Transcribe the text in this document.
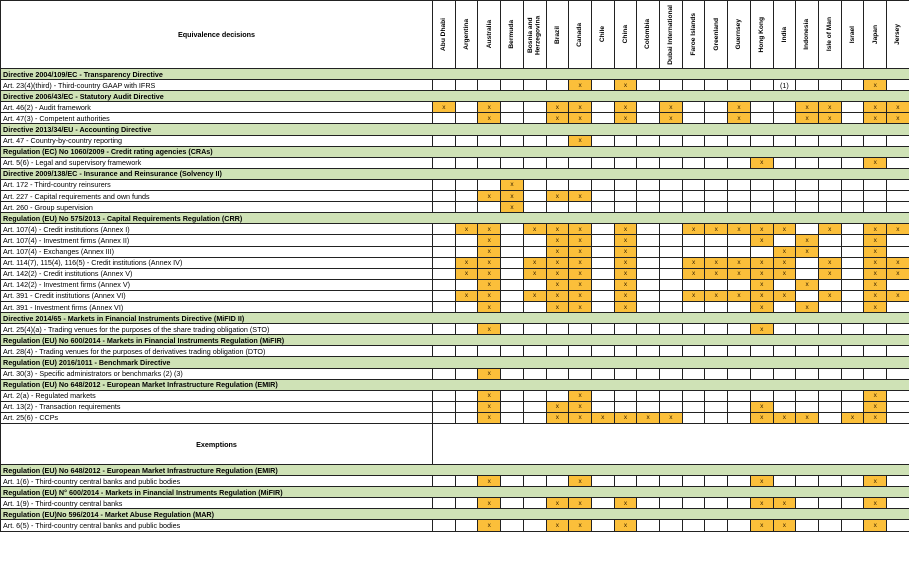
Equivalence decisions	Abu Dhabi	Argentina	Australia	Bermuda	Bosnia and Herzegovina	Brazil	Canada	Chile	China	Colombia	Dubai International	Faroe Islands	Greenland	Guernsey	Hong Kong	India	Indonesia	Isle of Man	Israel	Japan	Jersey

Directive 2004/109/EC - Transparency Directive																					
Art. 23(4)(third) - Third-country GAAP with IFRS							x		x							(1)				x	
Directive 2006/43/EC - Statutory Audit Directive																					
Art. 46(2) - Audit framework	x		x			x	x		x		x			x			x	x		x	x
Art. 47(3) - Competent authorities			x			x	x		x		x			x			x	x		x	x
Directive 2013/34/EU - Accounting Directive																					
Art. 47 - Country-by-country reporting							x														
Regulation (EC) No 1060/2009 - Credit rating agencies (CRAs)																					
Art. 5(6) - Legal and supervisory framework															x					x	
Directive 2009/138/EC - Insurance and Reinsurance (Solvency II)																					
Art. 172 - Third-country reinsurers				x																	
Art. 227 - Capital requirements and own funds			x	x		x	x														
Art. 260 - Group supervision				x																	
Regulation (EU) No 575/2013 - Capital Requirements Regulation (CRR)																					
Art. 107(4) - Credit institutions (Annex I)		x	x		x	x	x		x			x	x	x	x	x		x		x	x
Art. 107(4) - Investment firms (Annex II)			x			x	x		x						x		x			x	
Art. 107(4) - Exchanges (Annex III)			x			x	x		x							x	x			x	
Art. 114(7), 115(4), 116(5) - Credit institutions (Annex IV)		x	x		x	x	x		x			x	x	x	x	x		x		x	x
Art. 142(2) - Credit institutions (Annex V)		x	x		x	x	x		x			x	x	x	x	x		x		x	x
Art. 142(2) - Investment firms (Annex V)			x			x	x		x						x		x			x	
Art. 391 - Credit institutions (Annex VI)		x	x		x	x	x		x			x	x	x	x	x		x		x	x
Art. 391 - Investment firms (Annex VI)			x			x	x		x						x		x			x	
Directive 2014/65 - Markets in Financial Instruments Directive (MiFID II)																					
Art. 25(4)(a) - Trading venues for the purposes of the share trading obligation (STO)			x												x						
Regulation (EU) No 600/2014 - Markets in Financial Instruments Regulation (MiFIR)																					
Art. 28(4) - Trading venues for the purposes of derivatives trading obligation (DTO)																					
Regulation (EU) 2016/1011 - Benchmark Directive																					
Art. 30(3) - Specific administrators or benchmarks (2) (3)			x																		
Regulation (EU) No 648/2012 - European Market Infrastructure Regulation (EMIR)																					
Art. 2(a) - Regulated markets			x				x													x	
Art. 13(2) - Transaction requirements			x			x	x								x					x	
Art. 25(6) - CCPs			x			x	x	x	x	x	x				x	x	x		x	x	
Exemptions																					
Regulation (EU) No 648/2012 - European Market Infrastructure Regulation (EMIR)																					
Art. 1(6) - Third-country central banks and public bodies			x				x								x					x	
Regulation (EU) N° 600/2014 - Markets in Financial Instruments Regulation (MiFIR)																					
Art. 1(9) - Third-country central banks			x			x	x		x						x	x				x	
Regulation (EU)No 596/2014 - Market Abuse Regulation (MAR)																					
Art. 6(5) - Third-country central banks and public bodies			x			x	x		x						x	x				x	
